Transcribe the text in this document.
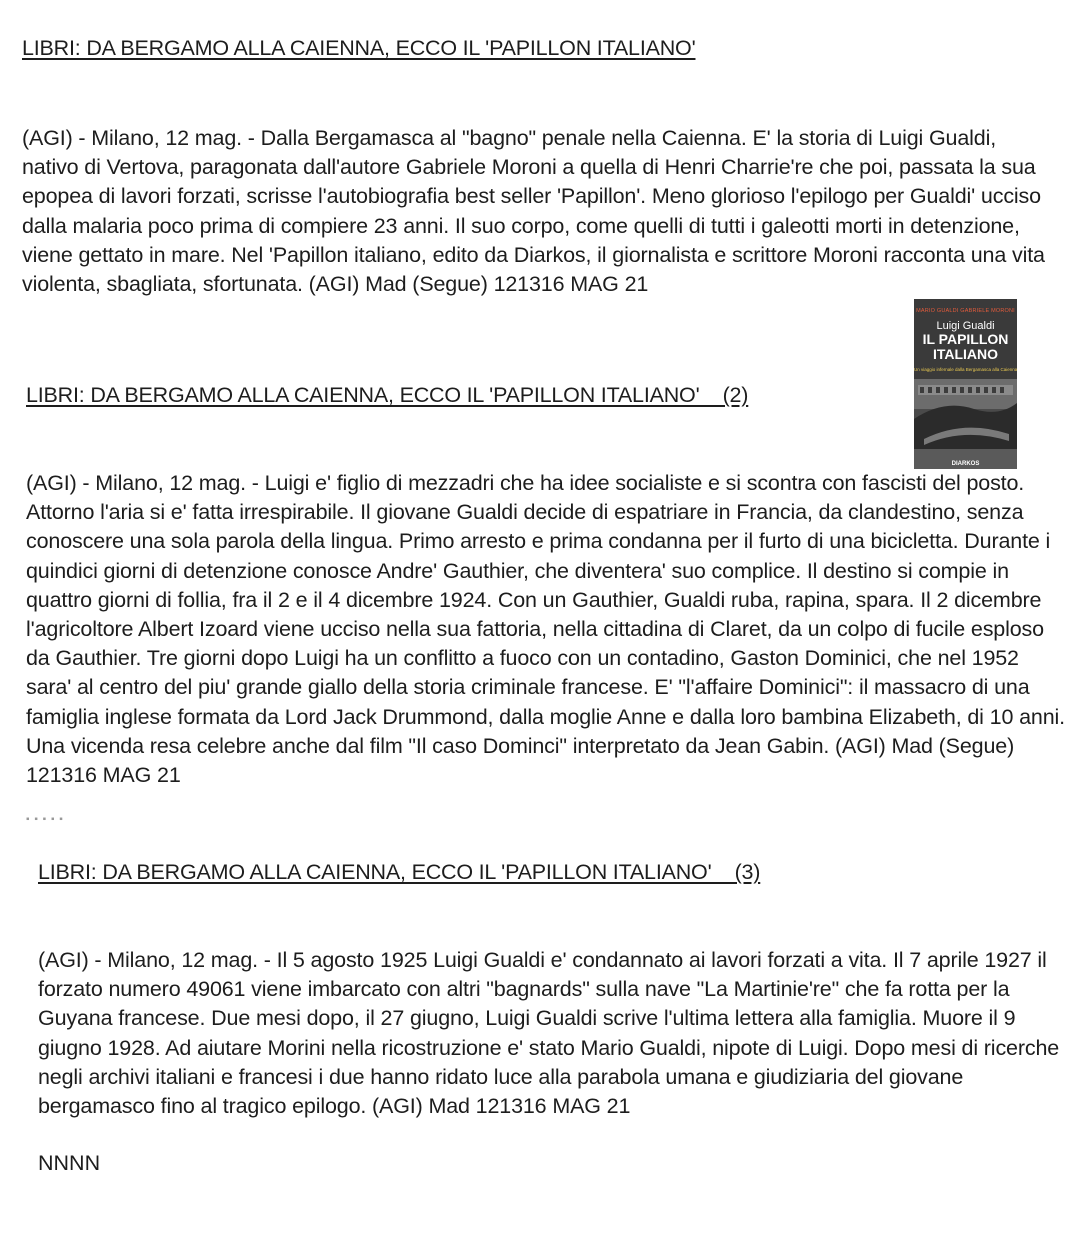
LIBRI: DA BERGAMO ALLA CAIENNA, ECCO IL 'PAPILLON ITALIANO'

(AGI) - Milano, 12 mag. - Dalla Bergamasca al "bagno" penale nella Caienna. E' la storia di Luigi Gualdi, nativo di Vertova, paragonata dall'autore Gabriele Moroni a quella di Henri Charrie're che poi, passata la sua epopea di lavori forzati, scrisse l'autobiografia best seller 'Papillon'. Meno glorioso l'epilogo per Gualdi' ucciso dalla malaria poco prima di compiere 23 anni. Il suo corpo, come quelli di tutti i galeotti morti in detenzione, viene gettato in mare. Nel 'Papillon italiano, edito da Diarkos, il giornalista e scrittore Moroni racconta una vita violenta, sbagliata, sfortunata. (AGI) Mad (Segue) 121316 MAG 21

MARIO GUALDI GABRIELE MORONI
Luigi Gualdi
IL PAPILLON
ITALIANO
Un viaggio infernale dalla Bergamasca alla Caienna
DIARKOS
LIBRI: DA BERGAMO ALLA CAIENNA, ECCO IL 'PAPILLON ITALIANO'    (2)

(AGI) - Milano, 12 mag. - Luigi e' figlio di mezzadri che ha idee socialiste e si scontra con fascisti del posto. Attorno l'aria si e' fatta irrespirabile. Il giovane Gualdi decide di espatriare in Francia, da clandestino, senza conoscere una sola parola della lingua. Primo arresto e prima condanna per il furto di una bicicletta. Durante i quindici giorni di detenzione conosce Andre' Gauthier, che diventera' suo complice. Il destino si compie in quattro giorni di follia, fra il 2 e il 4 dicembre 1924. Con un Gauthier, Gualdi ruba, rapina, spara. Il 2 dicembre l'agricoltore Albert Izoard viene ucciso nella sua fattoria, nella cittadina di Claret, da un colpo di fucile esploso da Gauthier. Tre giorni dopo Luigi ha un conflitto a fuoco con un contadino, Gaston Dominici, che nel 1952 sara' al centro del piu' grande giallo della storia criminale francese. E' "l'affaire Dominici": il massacro di una famiglia inglese formata da Lord Jack Drummond, dalla moglie Anne e dalla loro bambina Elizabeth, di 10 anni. Una vicenda resa celebre anche dal film "Il caso Dominci" interpretato da Jean Gabin. (AGI) Mad (Segue) 121316 MAG 21

▪ ▪ ▪ ▪ ▪
LIBRI: DA BERGAMO ALLA CAIENNA, ECCO IL 'PAPILLON ITALIANO'    (3)

(AGI) - Milano, 12 mag. - Il 5 agosto 1925 Luigi Gualdi e' condannato ai lavori forzati a vita. Il 7 aprile 1927 il forzato numero 49061 viene imbarcato con altri "bagnards" sulla nave "La Martinie're" che fa rotta per la Guyana francese. Due mesi dopo, il 27 giugno, Luigi Gualdi scrive l'ultima lettera alla famiglia. Muore il 9 giugno 1928. Ad aiutare Morini nella ricostruzione e' stato Mario Gualdi, nipote di Luigi. Dopo mesi di ricerche negli archivi italiani e francesi i due hanno ridato luce alla parabola umana e giudiziaria del giovane bergamasco fino al tragico epilogo. (AGI) Mad 121316 MAG 21

NNNN
